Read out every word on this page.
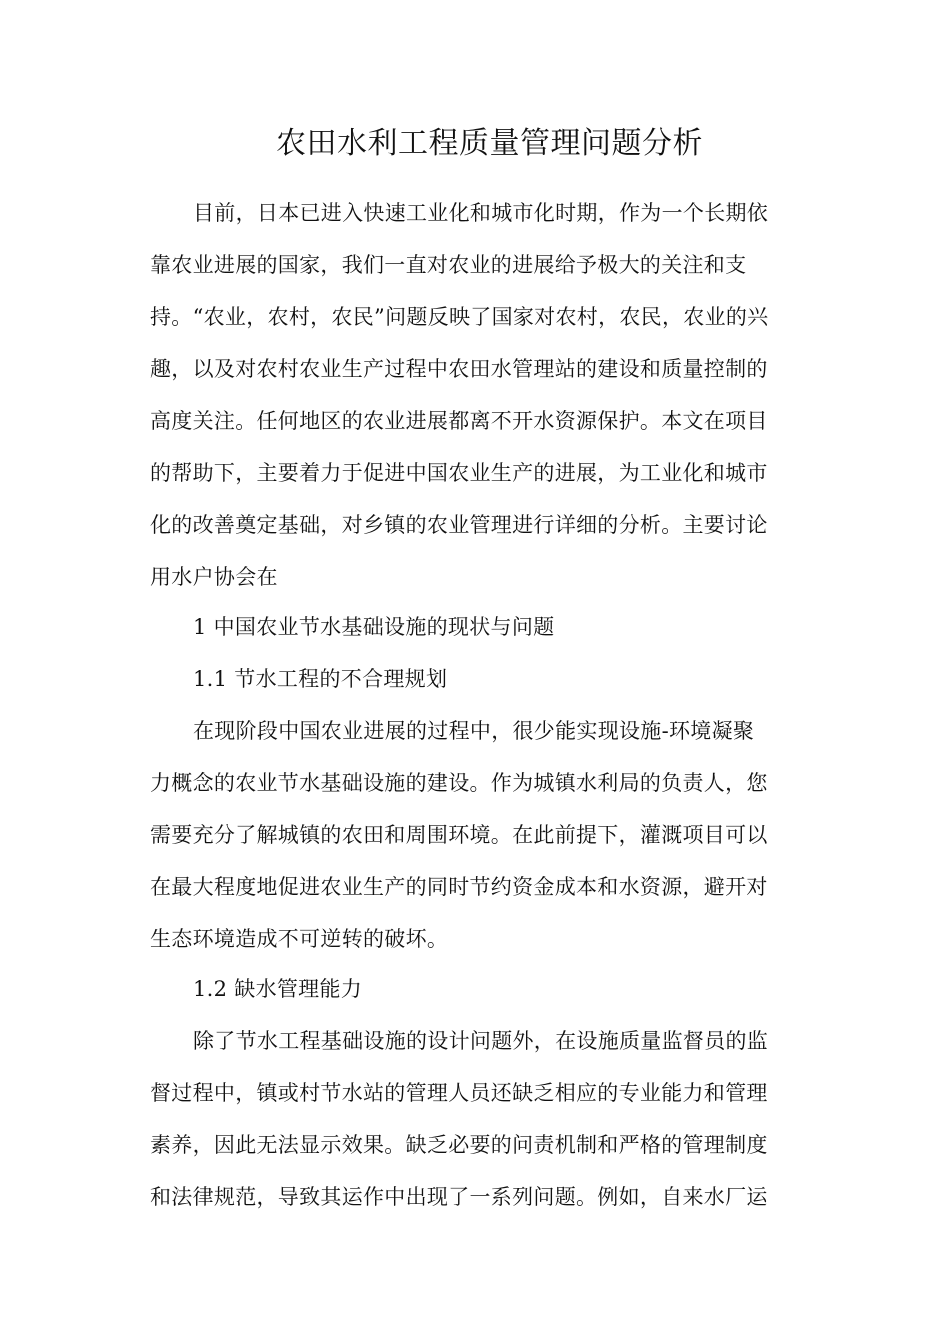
农田水利工程质量管理问题分析
目前，日本已进入快速工业化和城市化时期，作为一个长期依
靠农业进展的国家，我们一直对农业的进展给予极大的关注和支
持。“农业，农村，农民”问题反映了国家对农村，农民，农业的兴
趣，以及对农村农业生产过程中农田水管理站的建设和质量控制的
高度关注。任何地区的农业进展都离不开水资源保护。本文在项目
的帮助下，主要着力于促进中国农业生产的进展，为工业化和城市
化的改善奠定基础，对乡镇的农业管理进行详细的分析。主要讨论
用水户协会在
1 中国农业节水基础设施的现状与问题
1.1 节水工程的不合理规划
在现阶段中国农业进展的过程中，很少能实现设施-环境凝聚
力概念的农业节水基础设施的建设。作为城镇水利局的负责人，您
需要充分了解城镇的农田和周围环境。在此前提下，灌溉项目可以
在最大程度地促进农业生产的同时节约资金成本和水资源，避开对
生态环境造成不可逆转的破坏。
1.2 缺水管理能力
除了节水工程基础设施的设计问题外，在设施质量监督员的监
督过程中，镇或村节水站的管理人员还缺乏相应的专业能力和管理
素养，因此无法显示效果。缺乏必要的问责机制和严格的管理制度
和法律规范，导致其运作中出现了一系列问题。例如，自来水厂运
